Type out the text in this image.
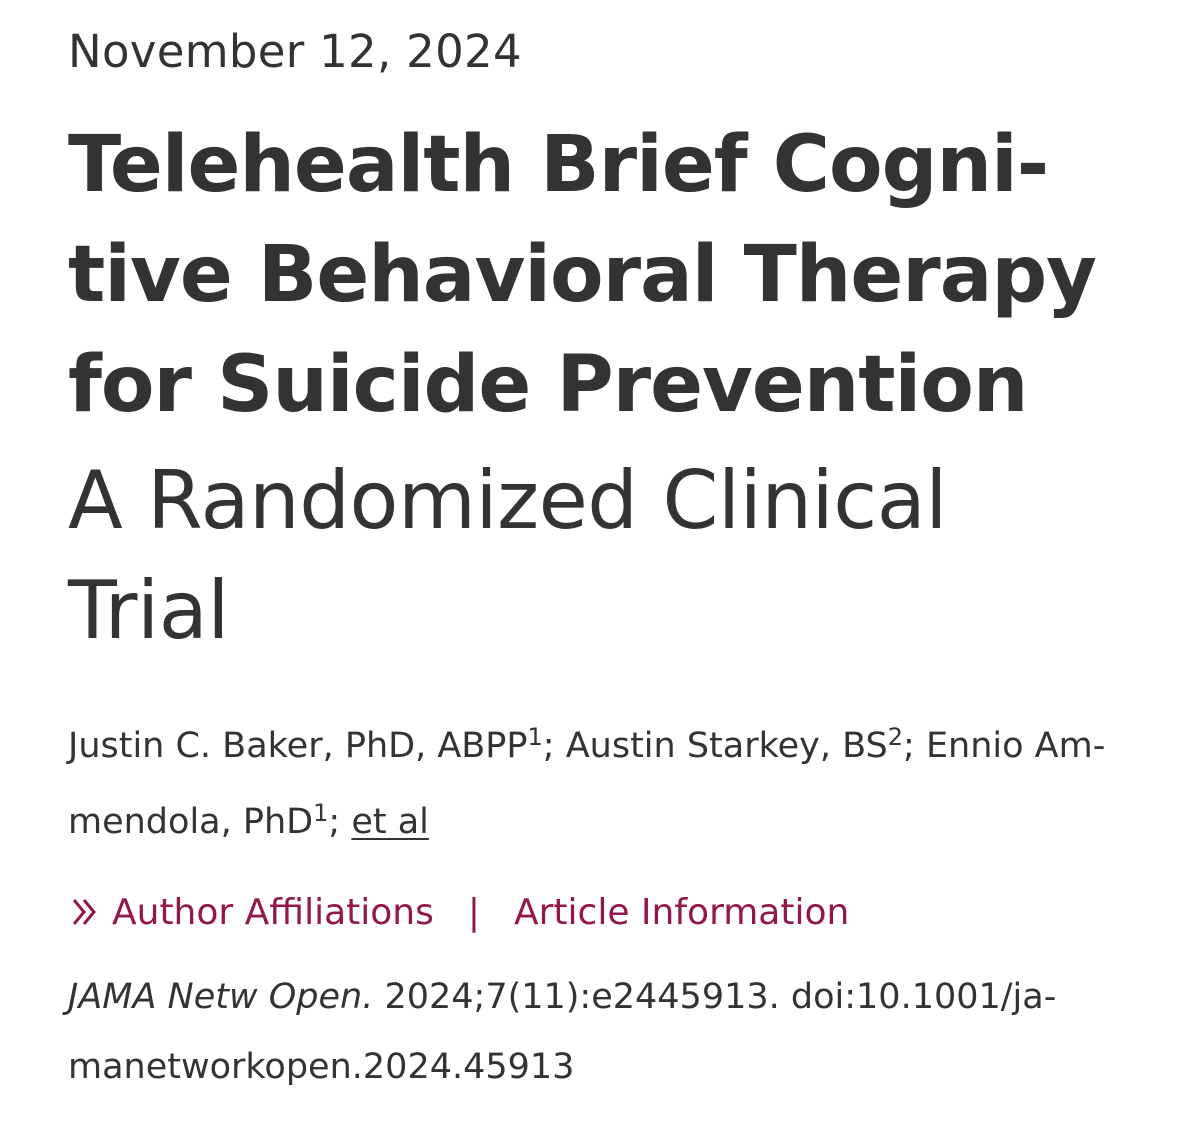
November 12, 2024
Telehealth Brief Cogni-
tive Behavioral Therapy
for Suicide Prevention
A Randomized Clinical
Trial
Justin C. Baker, PhD, ABPP$^1$; Austin Starkey, $BS^2$; Ennio Am-
mendola, PhD$^1$; et al
Author Affiliations | Article Information
JAMA Netw Open. 2024;7(11):e2445913. doi:10.1001/ja-
manetworkopen.2024.45913
